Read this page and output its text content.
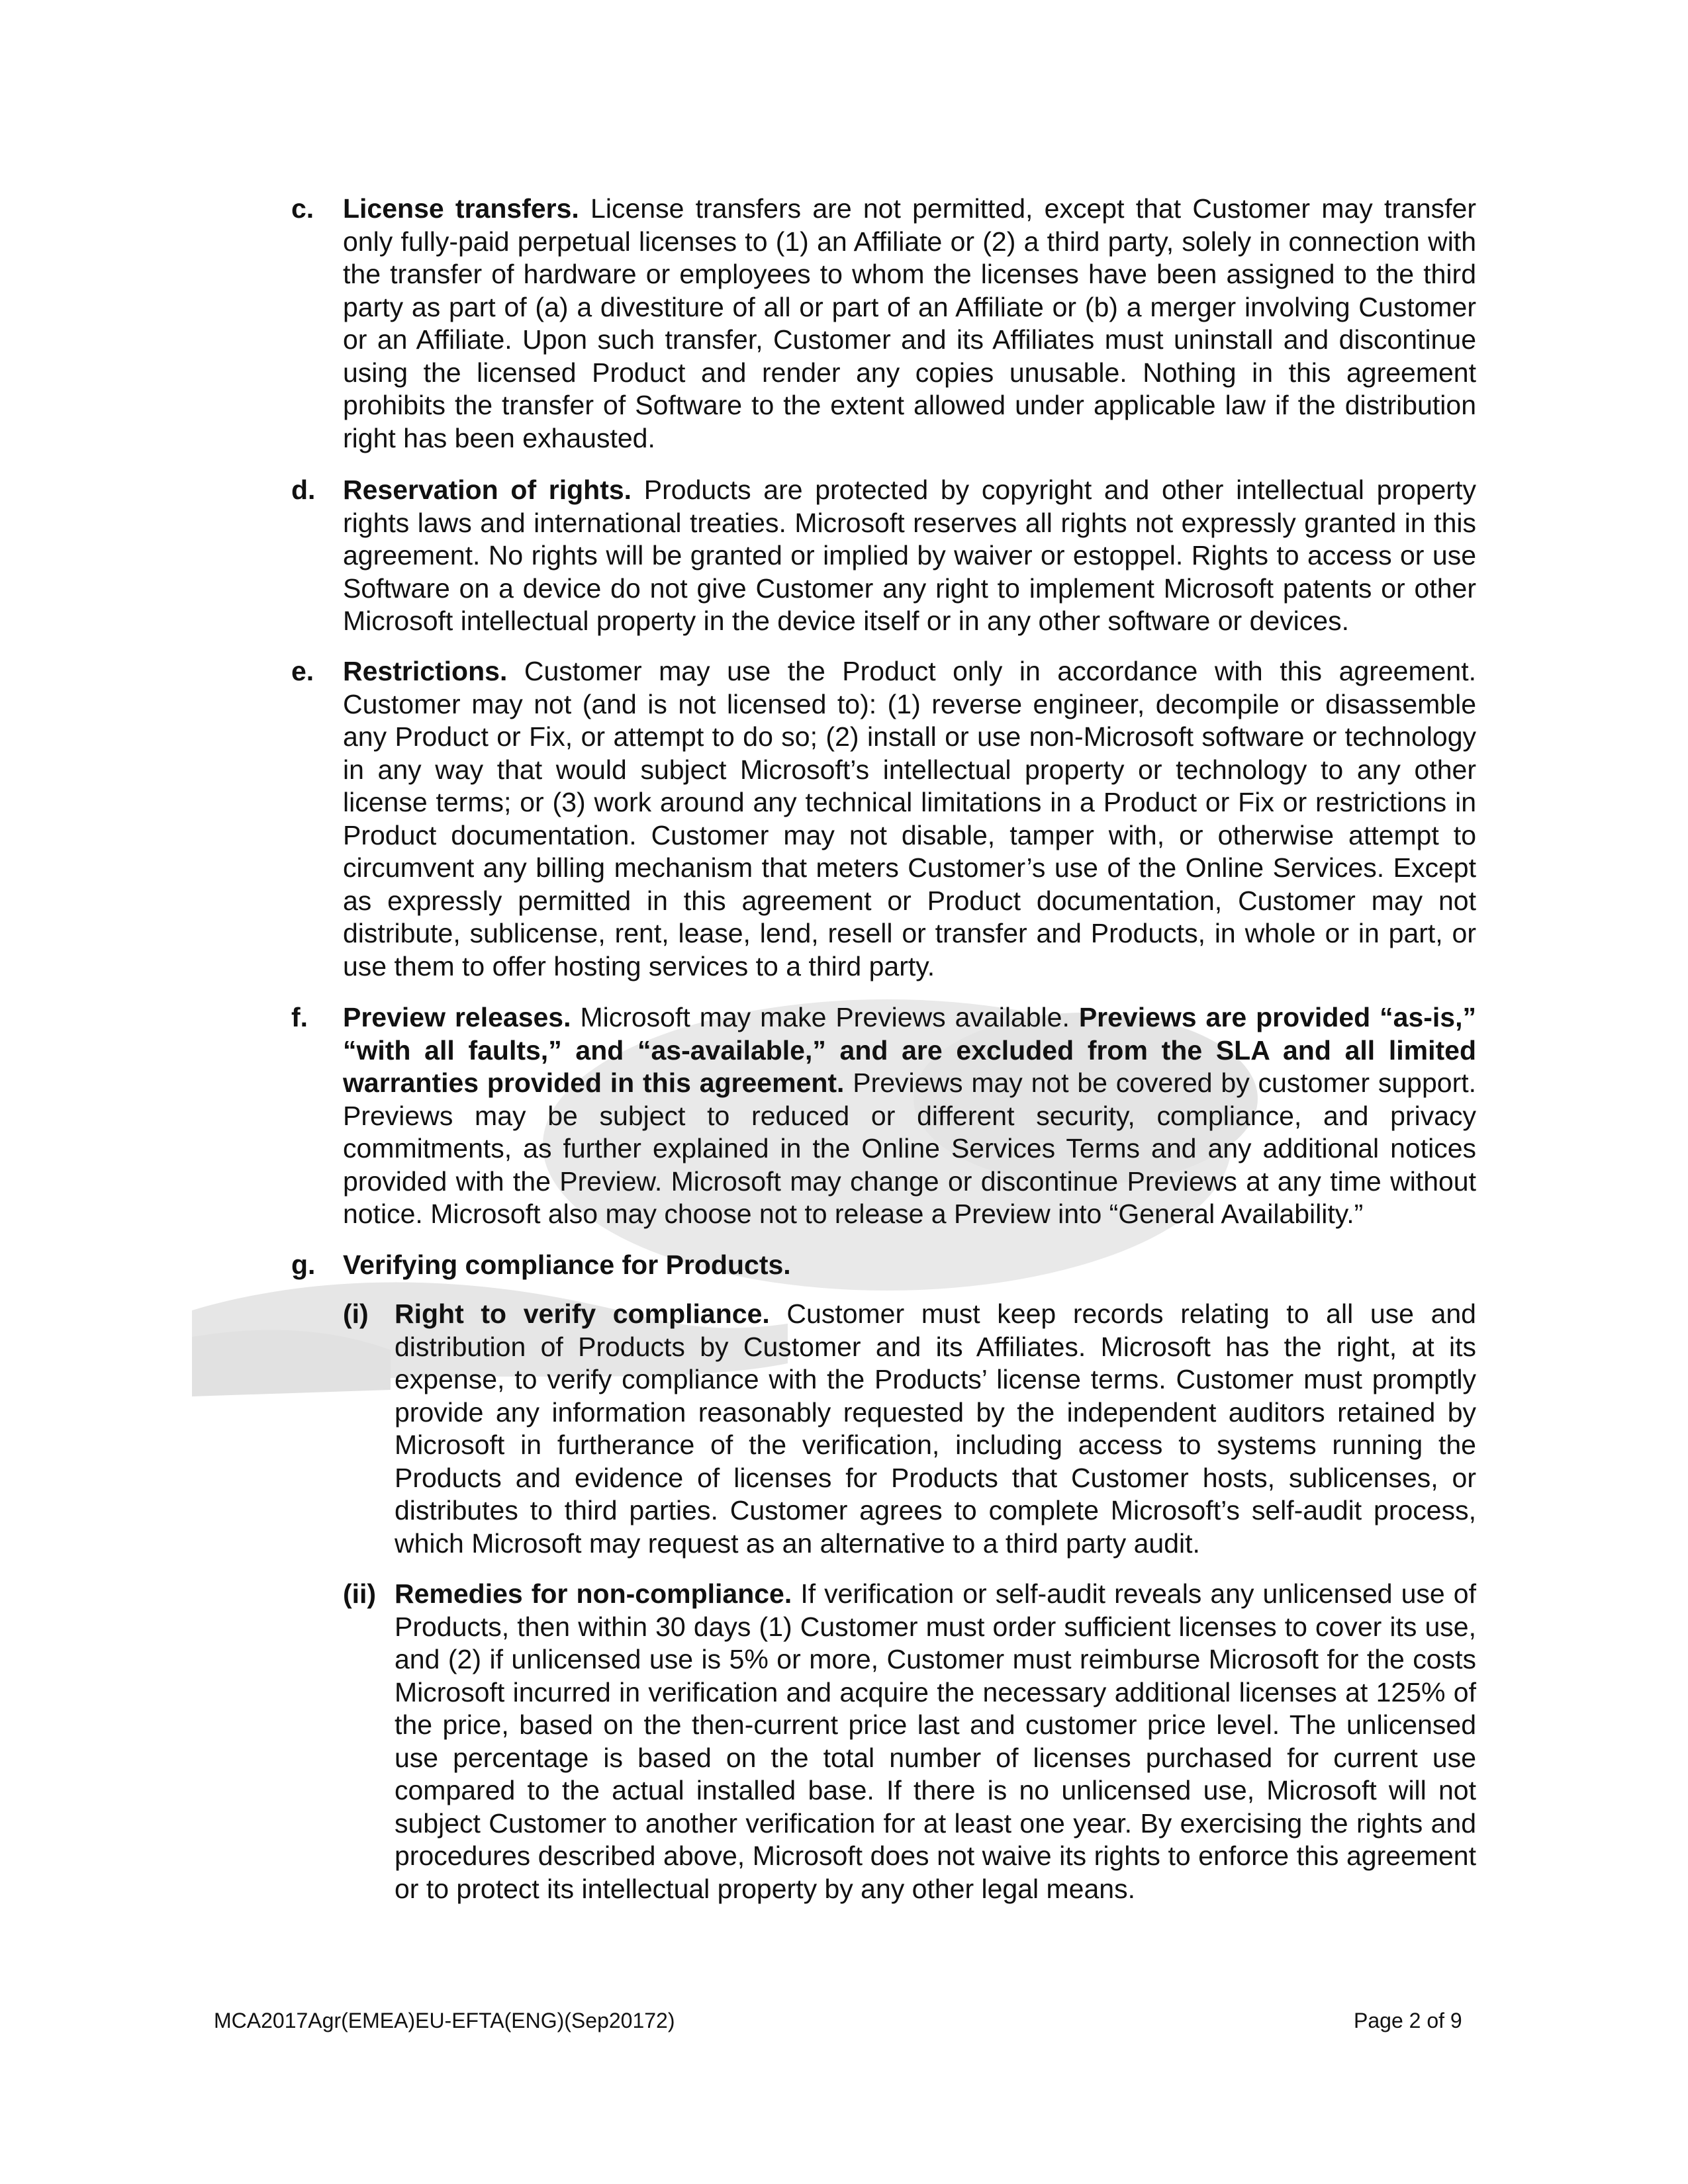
c. License transfers. License transfers are not permitted, except that Customer may transfer only fully-paid perpetual licenses to (1) an Affiliate or (2) a third party, solely in connection with the transfer of hardware or employees to whom the licenses have been assigned to the third party as part of (a) a divestiture of all or part of an Affiliate or (b) a merger involving Customer or an Affiliate. Upon such transfer, Customer and its Affiliates must uninstall and discontinue using the licensed Product and render any copies unusable. Nothing in this agreement prohibits the transfer of Software to the extent allowed under applicable law if the distribution right has been exhausted.
d. Reservation of rights. Products are protected by copyright and other intellectual property rights laws and international treaties. Microsoft reserves all rights not expressly granted in this agreement. No rights will be granted or implied by waiver or estoppel. Rights to access or use Software on a device do not give Customer any right to implement Microsoft patents or other Microsoft intellectual property in the device itself or in any other software or devices.
e. Restrictions. Customer may use the Product only in accordance with this agreement. Customer may not (and is not licensed to): (1) reverse engineer, decompile or disassemble any Product or Fix, or attempt to do so; (2) install or use non-Microsoft software or technology in any way that would subject Microsoft’s intellectual property or technology to any other license terms; or (3) work around any technical limitations in a Product or Fix or restrictions in Product documentation. Customer may not disable, tamper with, or otherwise attempt to circumvent any billing mechanism that meters Customer’s use of the Online Services. Except as expressly permitted in this agreement or Product documentation, Customer may not distribute, sublicense, rent, lease, lend, resell or transfer and Products, in whole or in part, or use them to offer hosting services to a third party.
f. Preview releases. Microsoft may make Previews available. Previews are provided “as-is,” “with all faults,” and “as-available,” and are excluded from the SLA and all limited warranties provided in this agreement. Previews may not be covered by customer support. Previews may be subject to reduced or different security, compliance, and privacy commitments, as further explained in the Online Services Terms and any additional notices provided with the Preview. Microsoft may change or discontinue Previews at any time without notice. Microsoft also may choose not to release a Preview into “General Availability.”
g. Verifying compliance for Products.
(i) Right to verify compliance. Customer must keep records relating to all use and distribution of Products by Customer and its Affiliates. Microsoft has the right, at its expense, to verify compliance with the Products’ license terms. Customer must promptly provide any information reasonably requested by the independent auditors retained by Microsoft in furtherance of the verification, including access to systems running the Products and evidence of licenses for Products that Customer hosts, sublicenses, or distributes to third parties. Customer agrees to complete Microsoft’s self-audit process, which Microsoft may request as an alternative to a third party audit.
(ii) Remedies for non-compliance. If verification or self-audit reveals any unlicensed use of Products, then within 30 days (1) Customer must order sufficient licenses to cover its use, and (2) if unlicensed use is 5% or more, Customer must reimburse Microsoft for the costs Microsoft incurred in verification and acquire the necessary additional licenses at 125% of the price, based on the then-current price last and customer price level. The unlicensed use percentage is based on the total number of licenses purchased for current use compared to the actual installed base. If there is no unlicensed use, Microsoft will not subject Customer to another verification for at least one year. By exercising the rights and procedures described above, Microsoft does not waive its rights to enforce this agreement or to protect its intellectual property by any other legal means.
MCA2017Agr(EMEA)EU-EFTA(ENG)(Sep20172)	Page 2 of 9
